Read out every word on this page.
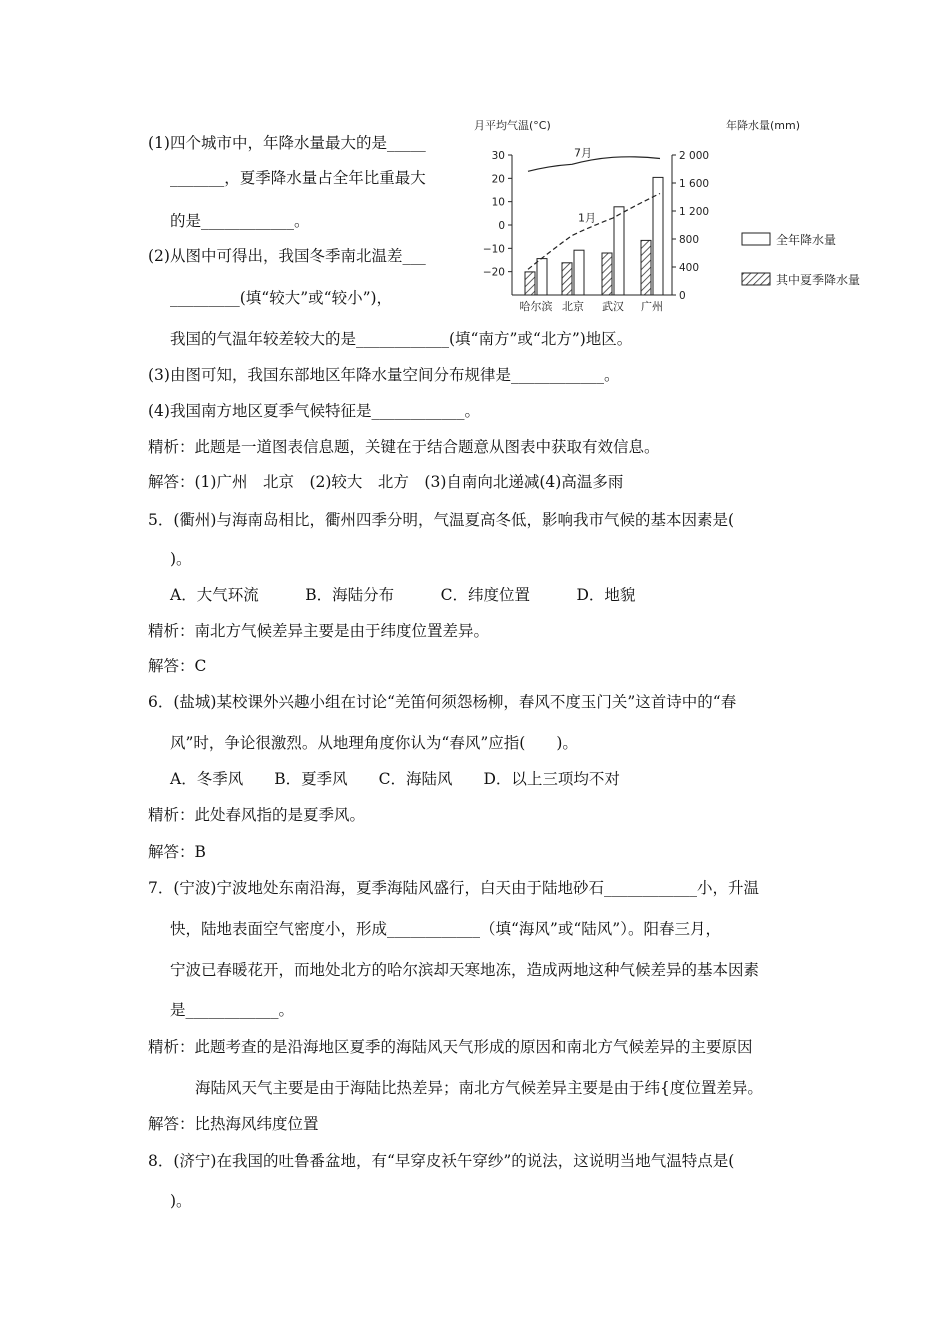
(1)四个城市中，年降水量最大的是_____
_______，夏季降水量占全年比重最大
的是____________。
(2)从图中可得出，我国冬季南北温差___
_________(填“较大”或“较小”)，
我国的气温年较差较大的是____________(填“南方”或“北方”)地区。
(3)由图可知，我国东部地区年降水量空间分布规律是____________。
(4)我国南方地区夏季气候特征是____________。
精析：此题是一道图表信息题，关键在于结合题意从图表中获取有效信息。
解答：(1)广州　北京　(2)较大　北方　(3)自南向北递减(4)高温多雨
5．(衢州)与海南岛相比，衢州四季分明，气温夏高冬低，影响我市气候的基本因素是(
)。
A．大气环流　　　B．海陆分布　　　C．纬度位置　　　D．地貌
精析：南北方气候差异主要是由于纬度位置差异。
解答：C
6．(盐城)某校课外兴趣小组在讨论“羌笛何须怨杨柳，春风不度玉门关”这首诗中的“春
风”时，争论很激烈。从地理角度你认为“春风”应指(　　)。
A．冬季风　　B．夏季风　　C．海陆风　　D．以上三项均不对
精析：此处春风指的是夏季风。
解答：B
7．(宁波)宁波地处东南沿海，夏季海陆风盛行，白天由于陆地砂石____________小，升温
快，陆地表面空气密度小，形成____________（填“海风”或“陆风”）。阳春三月，
宁波已春暖花开，而地处北方的哈尔滨却天寒地冻，造成两地这种气候差异的基本因素
是____________。
精析：此题考查的是沿海地区夏季的海陆风天气形成的原因和南北方气候差异的主要原因
海陆风天气主要是由于海陆比热差异；南北方气候差异主要是由于纬{度位置差异。
解答：比热海风纬度位置
8．(济宁)在我国的吐鲁番盆地，有“早穿皮袄午穿纱”的说法，这说明当地气温特点是(
)。
月平均气温(°C)	年降水量(mm)
30
20
10
0
−10
−20
2 000
1 600
1 200
800
400
0
7月
1月
哈尔滨 北京 武汉 广州
全年降水量
其中夏季降水量
